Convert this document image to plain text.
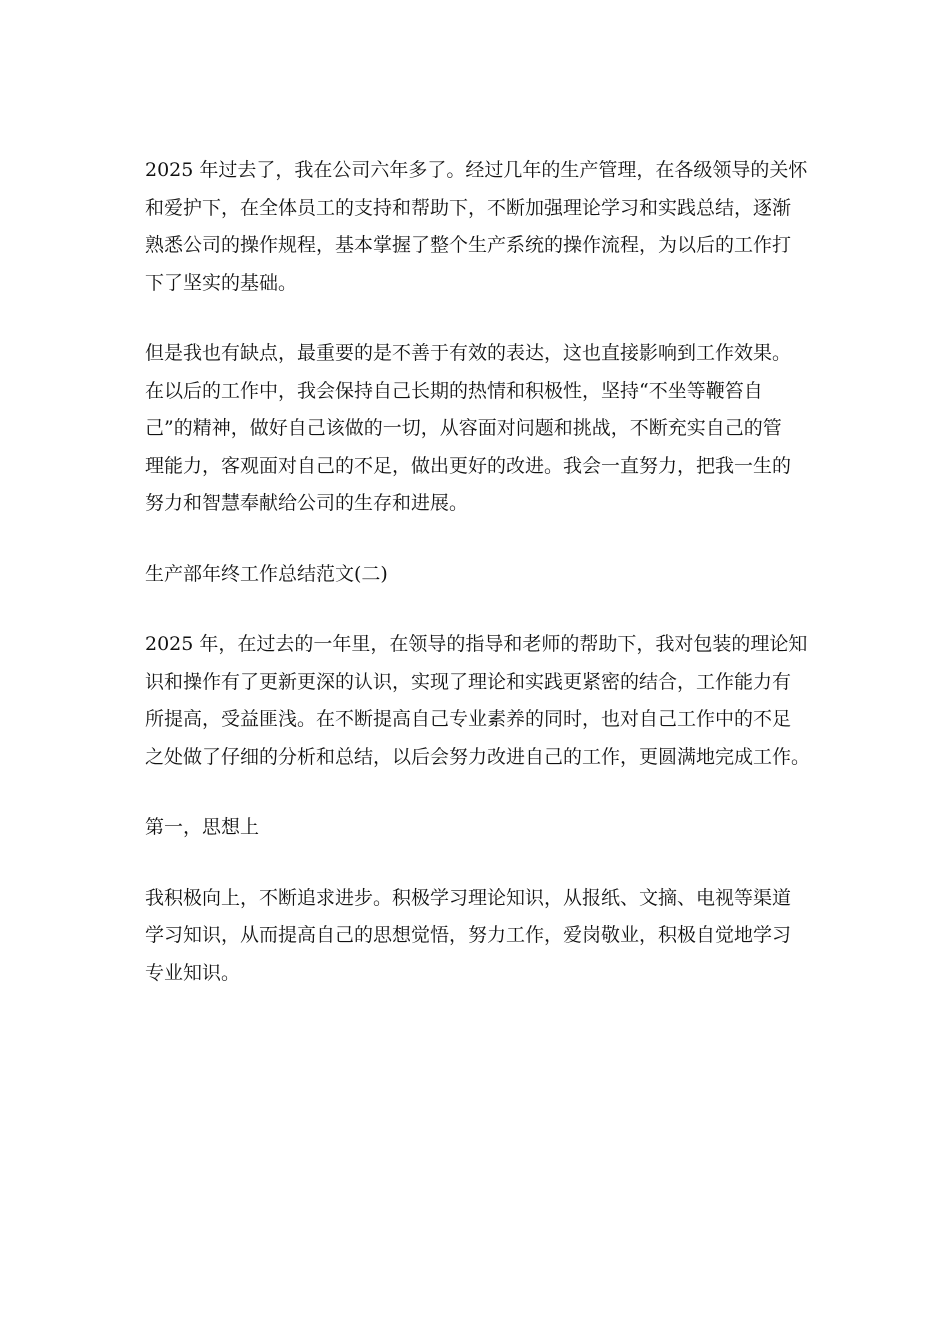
2025 年过去了，我在公司六年多了。经过几年的生产管理，在各级领导的关怀
和爱护下，在全体员工的支持和帮助下，不断加强理论学习和实践总结，逐渐
熟悉公司的操作规程，基本掌握了整个生产系统的操作流程，为以后的工作打
下了坚实的基础。

但是我也有缺点，最重要的是不善于有效的表达，这也直接影响到工作效果。
在以后的工作中，我会保持自己长期的热情和积极性，坚持“不坐等鞭笞自
己”的精神，做好自己该做的一切，从容面对问题和挑战，不断充实自己的管
理能力，客观面对自己的不足，做出更好的改进。我会一直努力，把我一生的
努力和智慧奉献给公司的生存和进展。

生产部年终工作总结范文(二)

2025 年，在过去的一年里，在领导的指导和老师的帮助下，我对包装的理论知
识和操作有了更新更深的认识，实现了理论和实践更紧密的结合，工作能力有
所提高，受益匪浅。在不断提高自己专业素养的同时，也对自己工作中的不足
之处做了仔细的分析和总结，以后会努力改进自己的工作，更圆满地完成工作。

第一，思想上

我积极向上，不断追求进步。积极学习理论知识，从报纸、文摘、电视等渠道
学习知识，从而提高自己的思想觉悟，努力工作，爱岗敬业，积极自觉地学习
专业知识。
